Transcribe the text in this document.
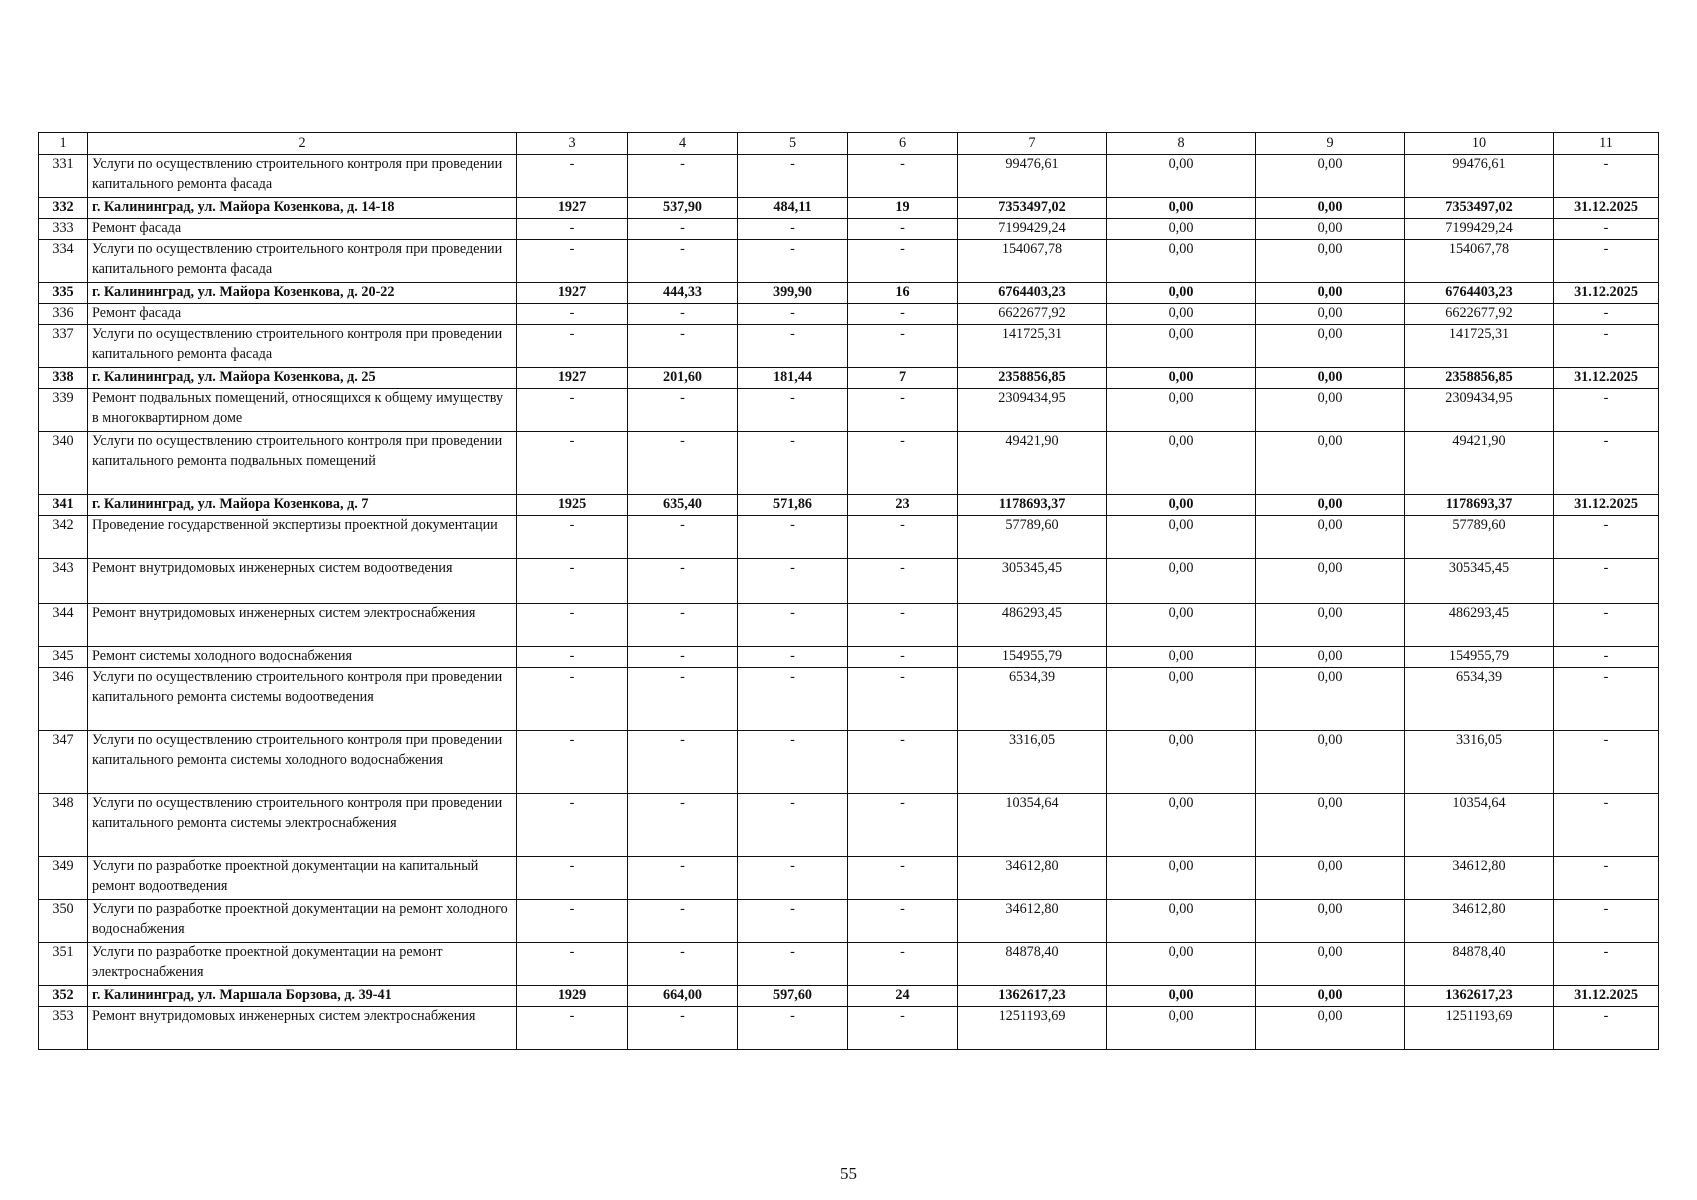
1	2	3	4	5	6	7	8	9	10	11
331	Услуги по осуществлению строительного контроля при проведении капитального ремонта фасада	-	-	-	-	99476,61	0,00	0,00	99476,61	-
332	г. Калининград, ул. Майора Козенкова, д. 14-18	1927	537,90	484,11	19	7353497,02	0,00	0,00	7353497,02	31.12.2025
333	Ремонт фасада	-	-	-	-	7199429,24	0,00	0,00	7199429,24	-
334	Услуги по осуществлению строительного контроля при проведении капитального ремонта фасада	-	-	-	-	154067,78	0,00	0,00	154067,78	-
335	г. Калининград, ул. Майора Козенкова, д. 20-22	1927	444,33	399,90	16	6764403,23	0,00	0,00	6764403,23	31.12.2025
336	Ремонт фасада	-	-	-	-	6622677,92	0,00	0,00	6622677,92	-
337	Услуги по осуществлению строительного контроля при проведении капитального ремонта фасада	-	-	-	-	141725,31	0,00	0,00	141725,31	-
338	г. Калининград, ул. Майора Козенкова, д. 25	1927	201,60	181,44	7	2358856,85	0,00	0,00	2358856,85	31.12.2025
339	Ремонт подвальных помещений, относящихся к общему имуществу в многоквартирном доме	-	-	-	-	2309434,95	0,00	0,00	2309434,95	-
340	Услуги по осуществлению строительного контроля при проведении капитального ремонта подвальных помещений	-	-	-	-	49421,90	0,00	0,00	49421,90	-
341	г. Калининград, ул. Майора Козенкова, д. 7	1925	635,40	571,86	23	1178693,37	0,00	0,00	1178693,37	31.12.2025
342	Проведение государственной экспертизы проектной документации	-	-	-	-	57789,60	0,00	0,00	57789,60	-
343	Ремонт внутридомовых инженерных систем водоотведения	-	-	-	-	305345,45	0,00	0,00	305345,45	-
344	Ремонт внутридомовых инженерных систем электроснабжения	-	-	-	-	486293,45	0,00	0,00	486293,45	-
345	Ремонт системы холодного водоснабжения	-	-	-	-	154955,79	0,00	0,00	154955,79	-
346	Услуги по осуществлению строительного контроля при проведении капитального ремонта системы водоотведения	-	-	-	-	6534,39	0,00	0,00	6534,39	-
347	Услуги по осуществлению строительного контроля при проведении капитального ремонта системы холодного водоснабжения	-	-	-	-	3316,05	0,00	0,00	3316,05	-
348	Услуги по осуществлению строительного контроля при проведении капитального ремонта системы электроснабжения	-	-	-	-	10354,64	0,00	0,00	10354,64	-
349	Услуги по разработке проектной документации на капитальный ремонт водоотведения	-	-	-	-	34612,80	0,00	0,00	34612,80	-
350	Услуги по разработке проектной документации на ремонт холодного водоснабжения	-	-	-	-	34612,80	0,00	0,00	34612,80	-
351	Услуги по разработке проектной документации на ремонт электроснабжения	-	-	-	-	84878,40	0,00	0,00	84878,40	-
352	г. Калининград, ул. Маршала Борзова, д. 39-41	1929	664,00	597,60	24	1362617,23	0,00	0,00	1362617,23	31.12.2025
353	Ремонт внутридомовых инженерных систем электроснабжения	-	-	-	-	1251193,69	0,00	0,00	1251193,69	-
55
